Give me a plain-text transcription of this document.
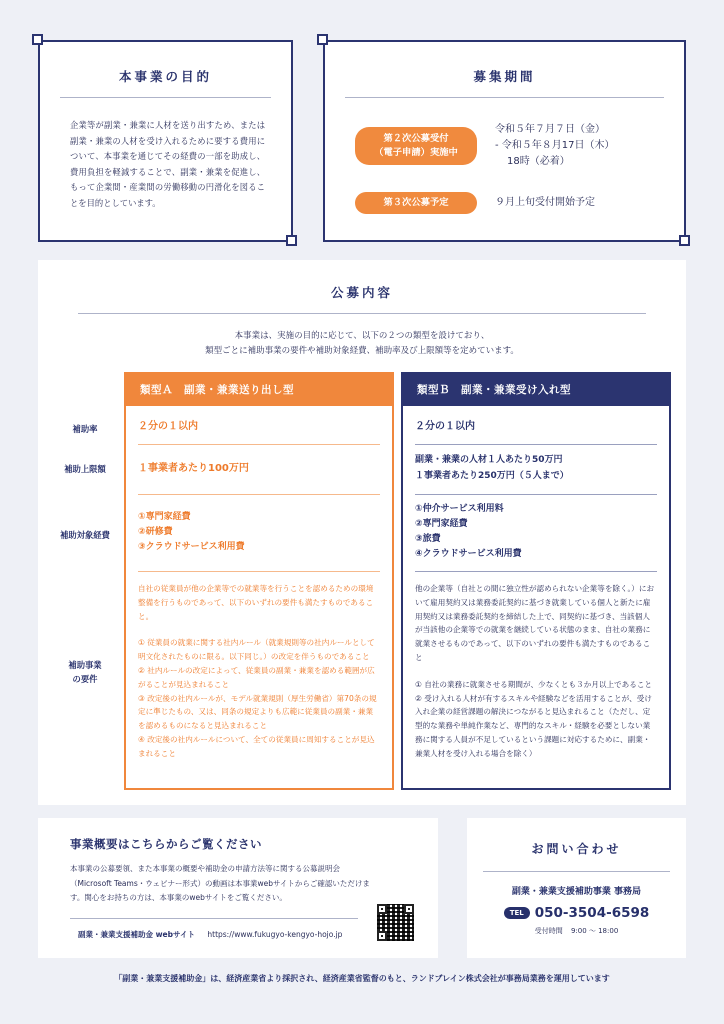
本事業の目的
企業等が副業・兼業に人材を送り出すため、または副業・兼業の人材を受け入れるために要する費用について、本事業を通じてその経費の一部を助成し、費用負担を軽減することで、副業・兼業を促進し、もって企業間・産業間の労働移動の円滑化を図ることを目的としています。
募集期間
第２次公募受付
（電子申請）実施中
令和５年７月７日（金）
- 令和５年８月17日（木）
18時（必着）
第３次公募予定	９月上旬受付開始予定
公募内容
本事業は、実施の目的に応じて、以下の２つの類型を設けており、
類型ごとに補助事業の要件や補助対象経費、補助率及び上限額等を定めています。
補助率
補助上限額
補助対象経費
補助事業
の要件
類型Ａ　副業・兼業送り出し型
２分の１以内
１事業者あたり100万円
①専門家経費
②研修費
③クラウドサービス利用費
自社の従業員が他の企業等での就業等を行うことを認めるための環境整備を行うものであって、以下のいずれの要件も満たすものであること。
① 従業員の就業に関する社内ルール（就業規則等の社内ルールとして明文化されたものに限る。以下同じ。）の改定を伴うものであること
② 社内ルールの改定によって、従業員の副業・兼業を認める範囲が広がることが見込まれること
③ 改定後の社内ルールが、モデル就業規則（厚生労働省）第70条の規定に準じたもの、又は、同条の規定よりも広範に従業員の副業・兼業を認めるものになると見込まれること
④ 改定後の社内ルールについて、全ての従業員に周知することが見込まれること
類型Ｂ　副業・兼業受け入れ型
２分の１以内
副業・兼業の人材１人あたり50万円
１事業者あたり250万円（５人まで）
①仲介サービス利用料
②専門家経費
③旅費
④クラウドサービス利用費
他の企業等（自社との間に独立性が認められない企業等を除く。）において雇用契約又は業務委託契約に基づき就業している個人と新たに雇用契約又は業務委託契約を締結した上で、同契約に基づき、当該個人が当該他の企業等での就業を継続している状態のまま、自社の業務に就業させるものであって、以下のいずれの要件も満たすものであること
① 自社の業務に就業させる期間が、少なくとも３か月以上であること
② 受け入れる人材が有するスキルや経験などを活用することが、受け入れ企業の経営課題の解決につながると見込まれること（ただし、定型的な業務や単純作業など、専門的なスキル・経験を必要としない業務に関する人員が不足しているという課題に対応するために、副業・兼業人材を受け入れる場合を除く）
事業概要はこちらからご覧ください
本事業の公募要領、また本事業の概要や補助金の申請方法等に関する公募説明会（Microsoft Teams・ウェビナー形式）の動画は本事業webサイトからご確認いただけます。関心をお持ちの方は、本事業のwebサイトをご覧ください。
副業・兼業支援補助金 webサイト https://www.fukugyo-kengyo-hojo.jp
お問い合わせ
副業・兼業支援補助事業 事務局
TEL 050-3504-6598
受付時間 9:00 〜 18:00
「副業・兼業支援補助金」は、経済産業省より採択され、経済産業省監督のもと、ランドブレイン株式会社が事務局業務を運用しています
